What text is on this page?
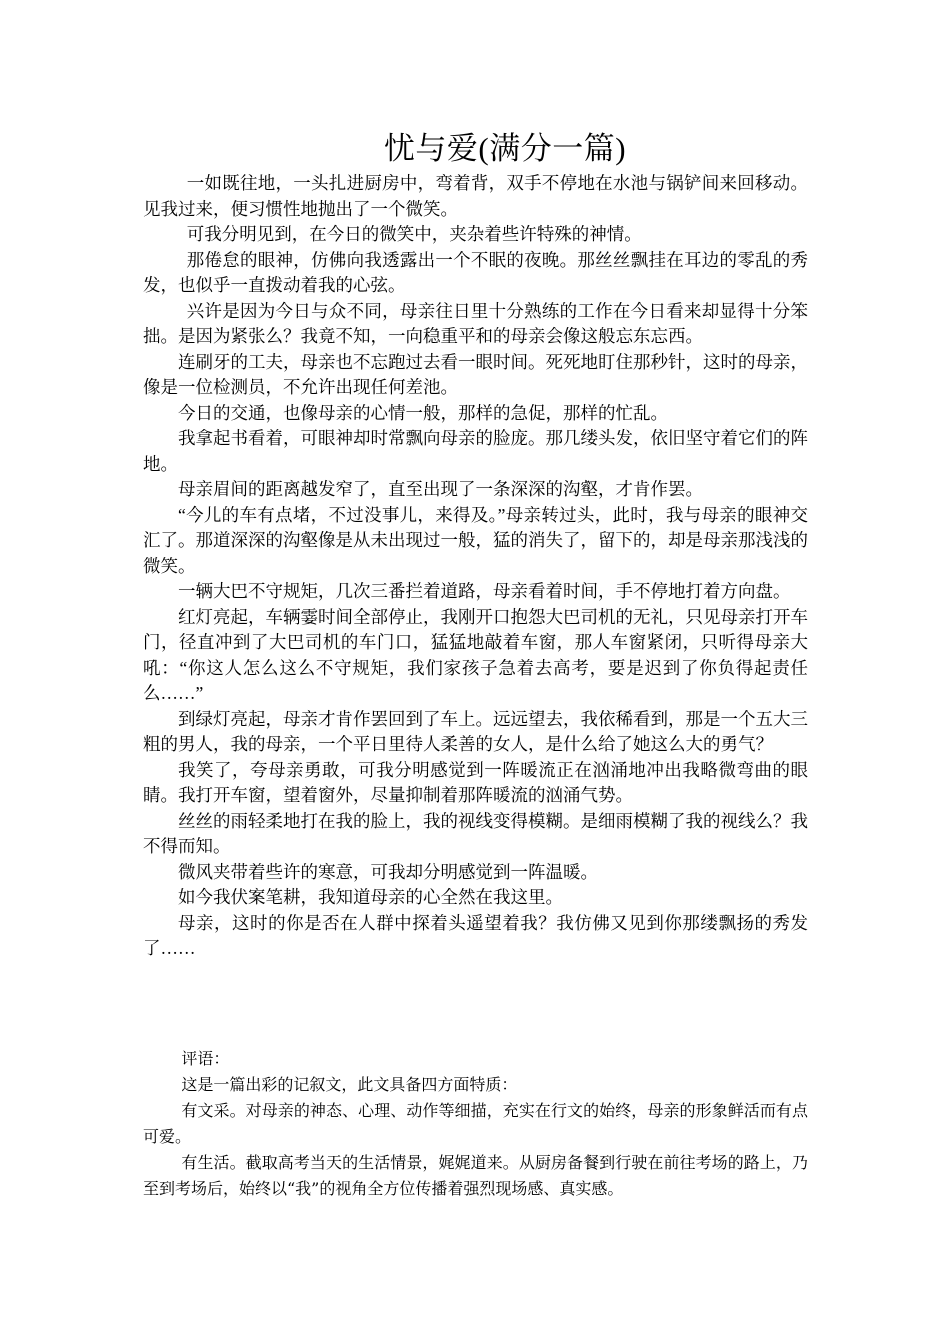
忧与爱(满分一篇)

一如既往地，一头扎进厨房中，弯着背，双手不停地在水池与锅铲间来回移动。见我过来，便习惯性地抛出了一个微笑。

可我分明见到，在今日的微笑中，夹杂着些许特殊的神情。

那倦怠的眼神，仿佛向我透露出一个不眠的夜晚。那丝丝飘挂在耳边的零乱的秀发，也似乎一直拨动着我的心弦。

兴许是因为今日与众不同，母亲往日里十分熟练的工作在今日看来却显得十分笨拙。是因为紧张么？我竟不知，一向稳重平和的母亲会像这般忘东忘西。

连刷牙的工夫，母亲也不忘跑过去看一眼时间。死死地盯住那秒针，这时的母亲，像是一位检测员，不允许出现任何差池。

今日的交通，也像母亲的心情一般，那样的急促，那样的忙乱。

我拿起书看着，可眼神却时常飘向母亲的脸庞。那几缕头发，依旧坚守着它们的阵地。

母亲眉间的距离越发窄了，直至出现了一条深深的沟壑，才肯作罢。

“今儿的车有点堵，不过没事儿，来得及。”母亲转过头，此时，我与母亲的眼神交汇了。那道深深的沟壑像是从未出现过一般，猛的消失了，留下的，却是母亲那浅浅的微笑。

一辆大巴不守规矩，几次三番拦着道路，母亲看着时间，手不停地打着方向盘。

红灯亮起，车辆霎时间全部停止，我刚开口抱怨大巴司机的无礼，只见母亲打开车门，径直冲到了大巴司机的车门口，猛猛地敲着车窗，那人车窗紧闭，只听得母亲大吼：“你这人怎么这么不守规矩，我们家孩子急着去高考，要是迟到了你负得起责任么……”

到绿灯亮起，母亲才肯作罢回到了车上。远远望去，我依稀看到，那是一个五大三粗的男人，我的母亲，一个平日里待人柔善的女人，是什么给了她这么大的勇气？

我笑了，夸母亲勇敢，可我分明感觉到一阵暖流正在汹涌地冲出我略微弯曲的眼睛。我打开车窗，望着窗外，尽量抑制着那阵暖流的汹涌气势。

丝丝的雨轻柔地打在我的脸上，我的视线变得模糊。是细雨模糊了我的视线么？我不得而知。

微风夹带着些许的寒意，可我却分明感觉到一阵温暖。

如今我伏案笔耕，我知道母亲的心全然在我这里。

母亲，这时的你是否在人群中探着头遥望着我？我仿佛又见到你那缕飘扬的秀发了……

评语：

这是一篇出彩的记叙文，此文具备四方面特质：

有文采。对母亲的神态、心理、动作等细描，充实在行文的始终，母亲的形象鲜活而有点可爱。

有生活。截取高考当天的生活情景，娓娓道来。从厨房备餐到行驶在前往考场的路上，乃至到考场后，始终以“我”的视角全方位传播着强烈现场感、真实感。
